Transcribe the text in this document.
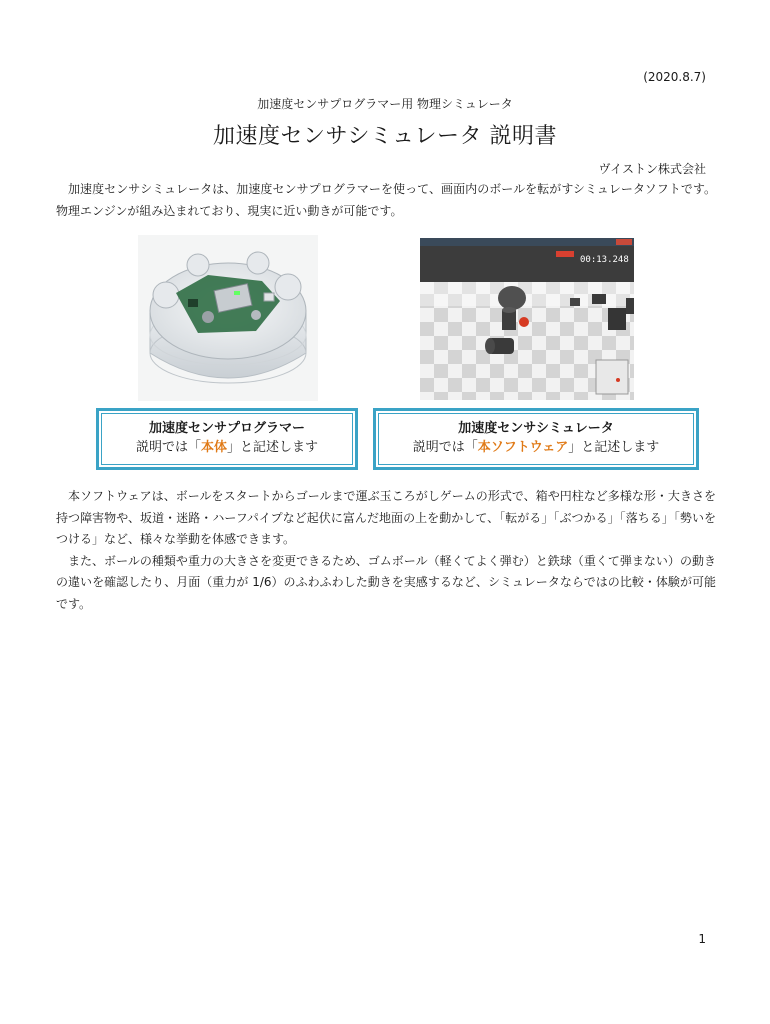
(2020.8.7)
加速度センサプログラマー用 物理シミュレータ
加速度センサシミュレータ 説明書
ヴイストン株式会社

加速度センサシミュレータは、加速度センサプログラマーを使って、画面内のボールを転がすシミュレータソフトです。物理エンジンが組み込まれており、現実に近い動きが可能です。

00:13.248
加速度センサプログラマー
説明では「本体」と記述します
加速度センサシミュレータ
説明では「本ソフトウェア」と記述します

本ソフトウェアは、ボールをスタートからゴールまで運ぶ玉ころがしゲームの形式で、箱や円柱など多様な形・大きさを持つ障害物や、坂道・迷路・ハーフパイプなど起伏に富んだ地面の上を動かして、「転がる」「ぶつかる」「落ちる」「勢いをつける」など、様々な挙動を体感できます。

また、ボールの種類や重力の大きさを変更できるため、ゴムボール（軽くてよく弾む）と鉄球（重くて弾まない）の動きの違いを確認したり、月面（重力が 1/6）のふわふわした動きを実感するなど、シミュレータならではの比較・体験が可能です。

1
